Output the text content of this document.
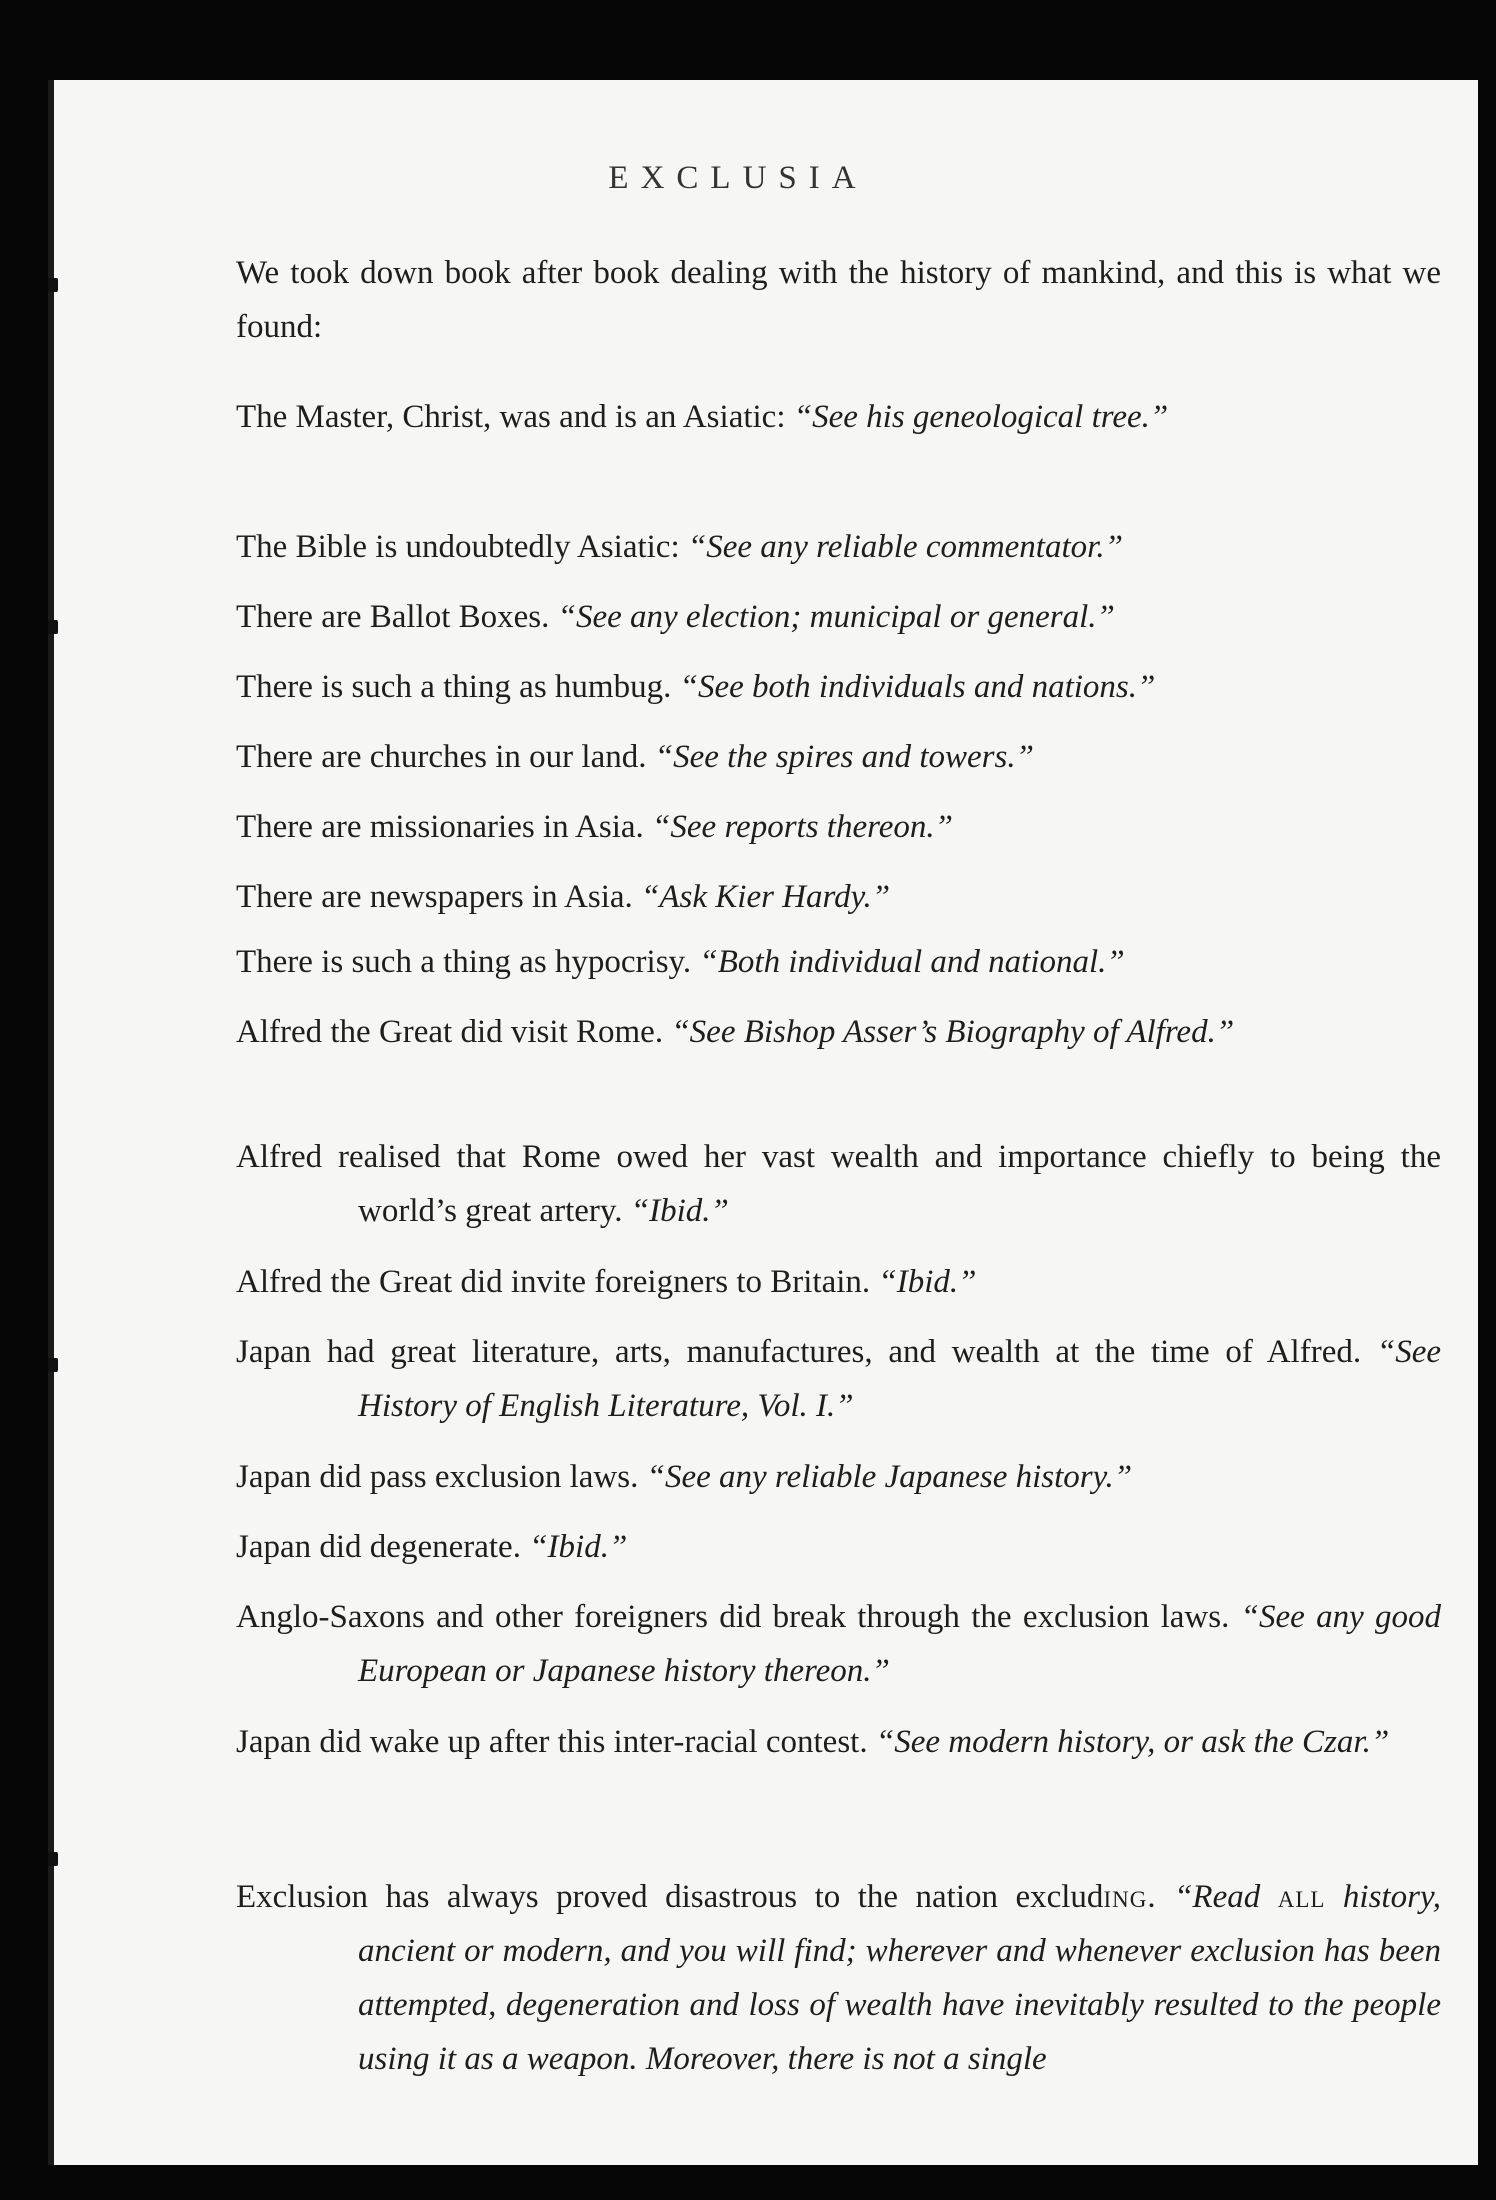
EXCLUSIA
We took down book after book dealing with the history of mankind, and this is what we found:
The Master, Christ, was and is an Asiatic: “See his geneological tree.”
The Bible is undoubtedly Asiatic: “See any reliable commentator.”
There are Ballot Boxes. “See any election; municipal or general.”
There is such a thing as humbug. “See both individuals and nations.”
There are churches in our land. “See the spires and towers.”
There are missionaries in Asia. “See reports thereon.”
There are newspapers in Asia. “Ask Kier Hardy.”
There is such a thing as hypocrisy. “Both individual and national.”
Alfred the Great did visit Rome. “See Bishop Asser’s Biography of Alfred.”
Alfred realised that Rome owed her vast wealth and importance chiefly to being the world’s great artery. “Ibid.”
Alfred the Great did invite foreigners to Britain. “Ibid.”
Japan had great literature, arts, manufactures, and wealth at the time of Alfred. “See History of English Literature, Vol. I.”
Japan did pass exclusion laws. “See any reliable Japanese history.”
Japan did degenerate. “Ibid.”
Anglo-Saxons and other foreigners did break through the exclusion laws. “See any good European or Japanese history thereon.”
Japan did wake up after this inter-racial contest. “See modern history, or ask the Czar.”
Exclusion has always proved disastrous to the nation excluding. “Read all history, ancient or modern, and you will find; wherever and whenever exclusion has been attempted, degeneration and loss of wealth have inevitably resulted to the people using it as a weapon. Moreover, there is not a single
